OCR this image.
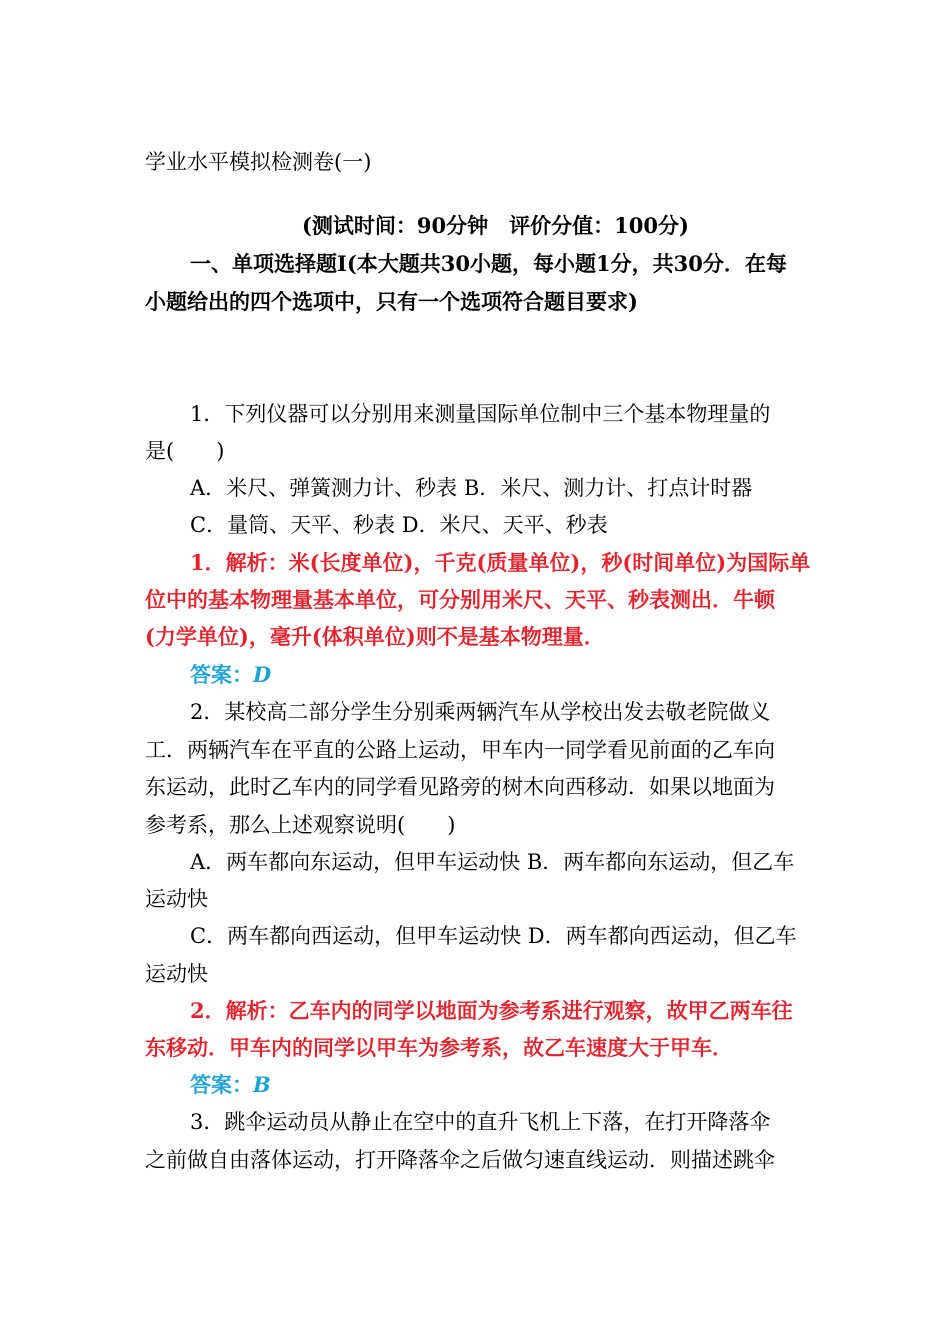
学业水平模拟检测卷(一)
(测试时间：90分钟　评价分值：100分)
一、单项选择题Ⅰ(本大题共30小题，每小题1分，共30分．在每
小题给出的四个选项中，只有一个选项符合题目要求)
1．下列仪器可以分别用来测量国际单位制中三个基本物理量的
是(　　)
A．米尺、弹簧测力计、秒表 B．米尺、测力计、打点计时器
C．量筒、天平、秒表 D．米尺、天平、秒表
1．解析：米(长度单位)，千克(质量单位)，秒(时间单位)为国际单
位中的基本物理量基本单位，可分别用米尺、天平、秒表测出．牛顿
(力学单位)，毫升(体积单位)则不是基本物理量．
答案：D
2．某校高二部分学生分别乘两辆汽车从学校出发去敬老院做义
工．两辆汽车在平直的公路上运动，甲车内一同学看见前面的乙车向
东运动，此时乙车内的同学看见路旁的树木向西移动．如果以地面为
参考系，那么上述观察说明(　　)
A．两车都向东运动，但甲车运动快 B．两车都向东运动，但乙车
运动快
C．两车都向西运动，但甲车运动快 D．两车都向西运动，但乙车
运动快
2．解析：乙车内的同学以地面为参考系进行观察，故甲乙两车往
东移动．甲车内的同学以甲车为参考系，故乙车速度大于甲车．
答案：B
3．跳伞运动员从静止在空中的直升飞机上下落，在打开降落伞
之前做自由落体运动，打开降落伞之后做匀速直线运动．则描述跳伞
